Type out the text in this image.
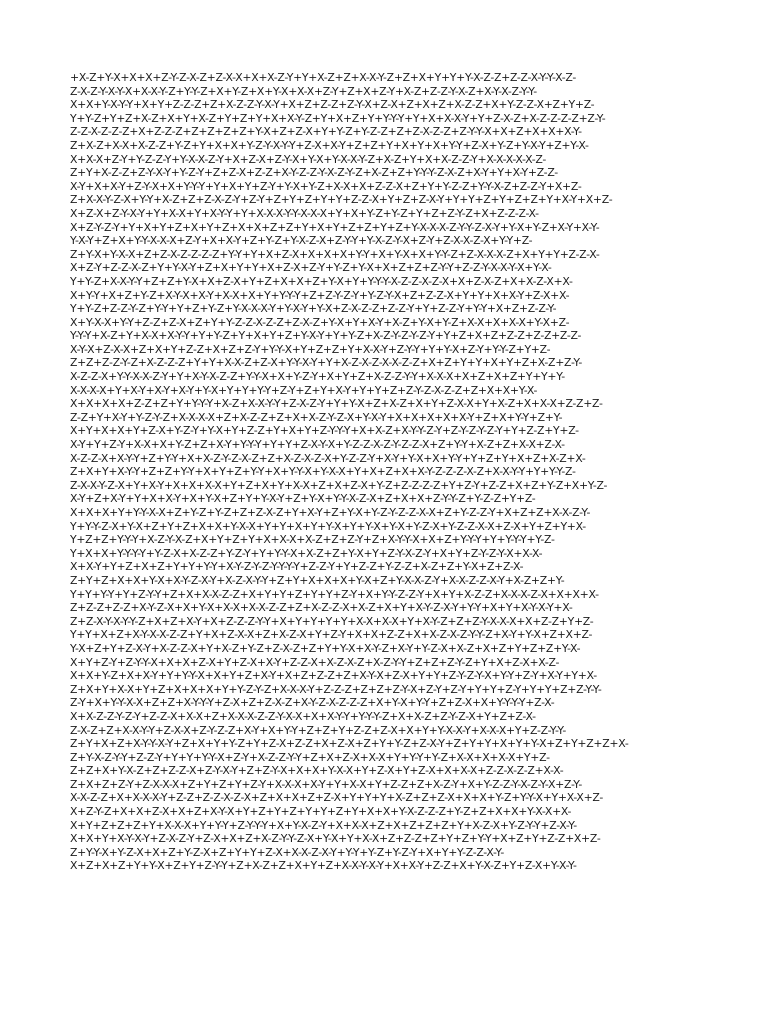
+X-Z+Y-X+X+X+Z-Y-Z-X-Z+Z-X-X+X+X-Z-Y+Y+X-Z+Z+X-X-Y-Z+Z+X+Y+Y+Y-X-Z-Z+Z-Z-X-Y-Y-X-Z-
Z-X-Z-Y-X-Y-X+X-X-Y-Z+Y-Y-Z+X+Y-Z+X+Y-X+X-X+Z-Y+Z+X+Z-Y+X-Z+Z-Z-Y-X-Z+X-Y-X-Z-Y-Y-
X+X+Y-X-Y-Y+X+Y+Z-Z-Z+Z+X-Z-Z-Y-X-Y+X+Z+Z-Z+Z-Y-X+Z-X+Z+X+Z+X-Z-Z+X+Y-Z-Z-X+Z+Y+Z-
Y+Y-Z+Y+Z+X-Z+X+Y+X-Z+Y+Z+Y+X+X-Y-Z+Y+X+Z+Y+Y-Y-Y+Y+X+X-X-Y+Y+Z-X-Z+X-Z-Z-Z-Z+Z-Y-
Z-Z-X-Z-Z-Z+X+Z-Z-Z+Z+Z+Z+Z+Y-X+Z+Z-X+Y+Y-Z+Y-Z-Z+Z+Z-X-Z-Z+Z-Y-Y-X+X+Z+X+X+X-Y-
Z+X-Z+X-X+X-Z-Z+Y-Z+Y+X+X+Y-Z-Y-X-Y-Y+Z-X+X-Y+Z+Z+Y+X+Y+X+Y-Y+Z-X+Y-Z+Y-X-Y+Z+Y-X-
X+X-X+Z-Y+Y-Z-Z-Y+Y-X-X-Z-Y+X+Z-X+Z-Y-X+Y-X+Y-X-X-Y-Z+X-Z+Y+X+X-Z-Z-Y+X-X-X-X-X-Z-
Z+Y+X-Z-Z+Z-Y-X-Y+Y-Z-Y+Z+Z-X+Z-Z+X-Y-Z-Z-Y-X-Z-Y-Z+X-Z+Z+Y-Y-Y-Z-X-Z+X-Y+Y+X-Y+Z-Z-
X-Y+X+X-Y+Z-Y-X+X+Y-Y-Y+Y+X+Y+Z-Y+Y-X+Y-Z+X-X+X+Z-Z-X+Z+Y+Y-Z-Z+Y-Y-X-Z+Z-Z-Y+X+Z-
Z+X-X-Y-Z-X+Y-Y+X-Z+Z+Z-X-Z-Y+Z-Y+Z+Y+Z+Y+Y+Z-Z-X+Y+Z+Z-X-Y+Y+Y+Z+Y+Z+Z+Y+X-Y+X+Z-
X+Z-X+Z-Y-X-Y+Y+X-X+Y+X-Y-Y+Y+X-X-X-Y-Y-X-X-X+Y+X+Y-Z+Y-Z+Y+Z+Z-Y-Z+X+Z-Z-Z-X-
X+Z-Y-Z-Y+Y+X+Y+Z+X+Y+Z+X+X+Z+Z+Y+X+Y+Z+Z+Y+Z+Y-X-X-X-Z-Y-Y-Z-X-Y+Y-X+Y-Z+X-Y+X-Y-
Y-X-Y+Z+X+Y-Y-X-X-X+Z-Y+X+X-Y+Z+Y-Z+Y-X-Z-X+Z-Y-Y+Y-X-Z-Y-X+Z-Y+Z-X-X-Z-X+Y-Y+Z-
Z+Y-X+Y-X-X+Z+Z-X-Z-Z-Z-Z+Y-Y+Y+X+Z-X+X+X+X+Y-Y+X+Y-X+X+Y-Y-Z+Z-X-X-X-Z+X+Y+Y+Z-Z-X-
X+Z-Y+Z-Z-X-Z+Y+Y-X-Y+Z+X+Y+Y+X+Z-X+Z-Y+Y-Z+Y-X+X+Z+Z+Z-Y-Y+Z-Z-Y-X-X-Y-X+Y-X-
Y+Y-Z+X-X-Y-Y+Z+Z+Y-X+X+Z-X+Y+Z+X+X+Z+Y-X+Y+Y-Y-Y-X-Z-Z-X-Z-X+X+Z-X-Z+X+X-Z-X+X-
X+Y-Y+X+Z+Y-Z+X-Y-X+X-Y+X-X+X+Y+Y-Y-Y+Z+Z-Y-Z-Y+Y-Z-Y-X+Z+Z-Z-X+Y+Y+X+X-Y+Z-X+X-
Y+Y-Z+Z-Z-Y-Z+Y-Y+Y+Z+Y-Z+Y-X-X-X-Y+Y-X-Y+Y-X+Z-X-Z-Z+Z-Z-Y+Y+Z-Z-Y+Y-Y+X+Z+Z-Z-Y-
X+Y-X-X+Y-Y+Z-Z+Z-X+Z+Y+Y-Z-Z-X-Z-Z+Z-X-Z+Y-X+Y+X-Y+X-Z+Y-X+Y-Z+X-X+X+X-X+Y-X+Z-
Y-Y-Y+X-Z+Y+X-X+X-Y-Y+Y+Y-Z+Y+X+Y+Z+Y-X-Y+Y+Y-Z+X-Z-Y-Z-Y-Z-Y+Y+Z+X+Z+Z-Z+Z-Z+Z-Z-
X-Y-X+Z-X-X+Z+X+Y+Z-Z+X+Z+Z-Y+Y-Y-X+Y+Z+Z+Y+X-X-Y+Z-Y-Y+Y+Y-X+Z-Y+Y-Y-Z+Y+Z-
Z+Z+Z-Z-Y-Z+X-Z-Z-Z+Y+Y+X-X-Z+Z-X+Y-Y-X-Y+Y+X-Z-X-Z-X-X-Z-Z+X+Z+Y+Y+X+Y+Z+X-Z+Z-Y-
X-Z-Z-X+Y-Y-X-X-Z-Y+Y+X-Y-X-Z-Z+Y-Y-X+X+Y-Z-Y+X+Y+Z+X-Z-Z-Y-Y+X-X-X+X+Z+X+Z+Y+Y+Y-
X-X-X-X+Y+X-Y+X-Y+X-Y+Y-X+Y+Y+Y-Y+Z-Y+Z+Y+X-Y+Y+Y+Z+Z-Y-Z-X-Z-Z+Z+X+X+Y-X-
X+X+X+X+Z-Z+Z+Y+Y-Y-Y+X-Z+X-X-Y-Y+Z-X-Z-Y+Y+Y-X+Z+X-Z+X+Y+Z-X-X+Y+X-Z+X+X-X+Z-Z+Z-
Z-Z+Y+X-Y+Y-Z-Y-Z+X-X-X-X+Z+X-Z-Z+Z+X+X-Z-Y-Z-X+Y-X-Y+X+X+X+X+X-Y+Z+X+Y-Y+Z+Y-
X+Y+X+X+Y+Z-X+Y-Z-Y+Y-X+Y+Z-Z+Y+X+Y+Z-Y-Y-Y+X+X-Z+X-Y-Y-Z-Y+Z-Y-Z-Y-Z-Y+Y+Z-Z+Y+Z-
X-Y+Y+Z-Y+X-X+X+Y-Z+Z+X-Y+Y-Y-Y+Y+Y+Z-X-Y-X+Y-Z-Z-X-Z-Y-Z-Z-X+Z+Y-Y+X-Z+Z+X-X+Z-X-
X-Z-Z-X+X-Y-Y+Z+Y-Y+X+X-Z-Y-Z-X-Z+Z+X-Z-X-Z-X+Y-Z-Z-Y+X-Y+Y-X+X+Y-Y+Y+Z+Y+X+Z+X-Z+X-
Z+X+Y+X-Y-Y+Z+Z+Y-Y+X+Y+Z+Y-Y+X+Y-Y-X+Y-X-X+Y+X+Z+X+X-Y-Z-Z-Z-X-Z+X-X-Y-Y+Y+Y-Y-Z-
Z-X-X-Y-Z-X+Y+X-Y+X+X+X-X+Y+Z+X+Y+X-X+Z+X+Z-X+Y-Z+Z-Z-Z-Z+Y+Z-Y+Z-Z+X+Z+Y-Z+X+Y-Z-
X-Y+Z+X-Y+Y+X+X-Y+X+Y-X+Z+Y+Y-X-Y+Z+Y-X+Y-Y-X-Z-X+Z+X+X+Z-Y-Y-Z+Y-Z-Z+Y+Z-
X+X+X+Y+Y-Y-X-X+Z+Y-Z+Y-Z+Z+Z-X-Z+Y+X-Y+Z+Y-X+Y-Z-Y-Z-Z-X-X+Z+Y-Z-Z-Y+X+Z+Z+X-X-Z-Y-
Y+Y-Y-Z-X+Y-X+Z+Y+Z+X+X+Y-X-X+Y+Y+X+Y+Y-X+Y+Y-X+Y-X+Y-Z-X+Y-Z-Z-X-X+Z-X+Y+Z+Y+X-
Y+Z+Z+Y-Y-Y+X-Z-Y-X-Z+X+Y+Z+Y+X+X-X+X-Z+Z+Z-Y+Z+X-Y-Y-X+X+Z+Y-Y-Y+Y+Y-Y-Y+Y-Z-
Y+X+X+Y-Y-Y-Y+Y-Z-X+X-Z-Z+Y-Z-Y+Y+Y-Y-X+X-Z+Z+Y-X+Y+Z-Y-X-Z-Y+X+Y+Z-Y-Z-Y-X+X-X-
X+X-Y+Y+Z+X+Z+Y+Y+Y-Y+X-Y-Z-Y-Z-Y-Y-Y-Y+Z-Z-Y+Y+Z-Z+Y-Z-Z+X-Z+Z+Y-X+Z+Z-X-
Z+Y+Z+X+X+Y-X+X-Y-Z-X-Y+X-Z-X-Y-Y+Z+Y+X+X+X+Y-X+Z+Y-X-X-Z-Y+X-X-Z-Z-X-Y+X-Z+Z+Y-
Y+Y+Y-Y+Y+Z-Y-Y+Z+X+X-X-Z-Z+X+Y+Y+Z+Y+Y+Z-Y+X+Y-Y-Z-Z-Y+X+Y+X-Z-Z+X-X-X-Z-X+X+X+X-
Z+Z-Z+Z-Z+X-Y-Z-X+X+Y-X+X-X+X-X-Z-Z+Z+X-Z-Z-X+X-Z+X+Y+X-Y-Z-X-Y+Y-Y+X+Y+X-Y-X-Y+X-
Z+Z-X-Y-X-Y-Y-Z+X+Z+X-Y+X+Z-Z-Z-Y-Y+X+Y+Y+Y+Y+X-X+X-X+Y+X-Y-Z+Z+Z-Y-X-X-X+X+Z-Z+Y+Z-
Y+Y+X+Z+X-Y-X-X-Z-Z+Y+X+Z-X-X+Z+X-Z-X+Y+Z-Y+X+X+Z-Z+X+X-Z-X-Z-Y-Y-Z+X-Y+Y-X+Z+X+Z-
Y-X+Z+Y+Z-X-Y+X-Z-Z-X+Y+X-Z+Y-Z+Z-X-Z+Z+Y+Y-X+X-Y-Z+X-Y+Y-Z-X+X-Z+X+Z+Y+Z+Z+Y-X-
X+Y+Z-Y+Z-Y-Y-X+X+X+Z-X+Y+Z-X+X-Y+Z-Z-X+X-Z-X-Z+X-Z-Y-Y+Z+Z+Z-Y-Z+Y+X+Z-X+X-Z-
X+X+Y-Z+X+X-Y+Y+Y-Y-X+X+Y+Z+X-Y+X+Z+Z-Z+Z+X-Y-X+Z-X+Y+Y+Z-Y-Z-Y-X+Y-Y+Z-Y+X-Y+Y+X-
Z+X+Y+X-X+Y+Z+X+X+X+Y+Y-Z-Y-Z+X-X-X-Y+Z-Z-Z+Z+Z+Z-Y-X+Z-Y+Z-Y+Y+Y+Z-Y+Y+Y+Z+Z-Y-Y-
Z-Y+X+Y-Y-X-X+Z+Z+X-Y-Y-Y+Z-X+Z+Z-X-Z+X-Y-Z-X-Z-Z-Z+X+Y-X+Y-Y+Z+Z-X+X+Y-Y-Y-Y+Z-X-
X+X-Z-Z-Y-Z-Y+Z-Z-X+X-X+Z+X-X-X-Z-Z-Y-X-X+X+X-Y-Y+Y-Y-Y-Z+X+X-Z+Z-Y-Z-X+Y+Z+Z-X-
Z-X-Z+Z+X-X-Y-Y+Z-X-X+Z-Y-Z-Z+X-Y+X+Y-Y+Z+Z+Y+Z-Z+Z-X+X+Y+Y-X-X-Y+X-X-X+Y+Z-Z-Y-Y-
Z+Y+X+Z+X-Y-Y-X-Y+Z+X+Y+Y-Z+Y+Z-X+Z-Z+X+Z-X+Z+Y+Y-Z+Z-X-Y+Z+Y+Y+X+Y+Y-X+Z+Y+Z+Z+X-
Z+Y-X-Z-Y-Y+Z-Z-Y+Y+Y+Y-Y-X+Z-Y+X-Z-Z-Y-Y+Z+X+Z-X+X-X+Y+Y-Y+Y-Z+X-X+X+X-X+Y+Z-
Z+Z+X+Y-X-Z+Z+Z-Z-X+Z-Y-X-Y+Z+Z-Y-X+X+X+Y-X-X+Y+Z-X+Y+Z-X+X+X-X+Z-Z-X-Z-Z+X-X-
Z+X+Z+Z-Y+Z-X-X-X+Z+Y+Z+Y+Z-Y+X-X-X+X-Y+Y+X-X+Y+Z-Z+Z+X-Z-Y+X+Y-Z-Z-Y-X-Z-Y-X+Z-Y-
X-X-Z-Z+X+X-X-X-Y+Z-Z+Z-Z-X-Z-X+Z+X+X+Z+Z-X+Y+Y+Y+X-Z+Z+Z-X+X+X+Y-Z+Y-Y-X+Y+X-X+Z-
X+Z-Y-Z+X+X+Z-X+X+Z+X-Y-X+Y+Z+Y+Z+Y+Y+Z+Y+X+X+Y-X-Z-Z-Z+Y-Z+Z+X+X+Y-X-X+X-
X+Y+Z+Z+Z+Y+X-X-X+Y+Y-Y+Z-Y-Y-Y+X+Y-X-Z-Y+X+X-X+Z+X+Z+Z+Z+Y+X-Z-X+Y-Z-Y-Y+Z-X-Y-
X+X+Y+X-Y-X-Y+Z-X-Z-Y+Z-X+X+Z+X-Z-Y-Y-Z-X+Y-X+Y+X-X+Z+Z-Z+Z+Y+Z+Y-Y+X+Z+Y+Z-Z+X+Z-
Z+Y-Y-X+Y-Z-X+X+Z+Y-Z-X+Z+Y+Y+Z-X+X-X-Z-X-Y+Y-Y+Y-Z+Y-Z-Y+X+Y+Y-Z-Z-X-Y-
X+Z+X+Z+Y+Y-X+Z+Y+Z-Y-Y+Z+X-Z+Z+X+Y+Z+X-X-Y-X-Y+X+X-Y+Z-Z+X+Y-X-Z+Y+Z-X+Y-X-Y-
